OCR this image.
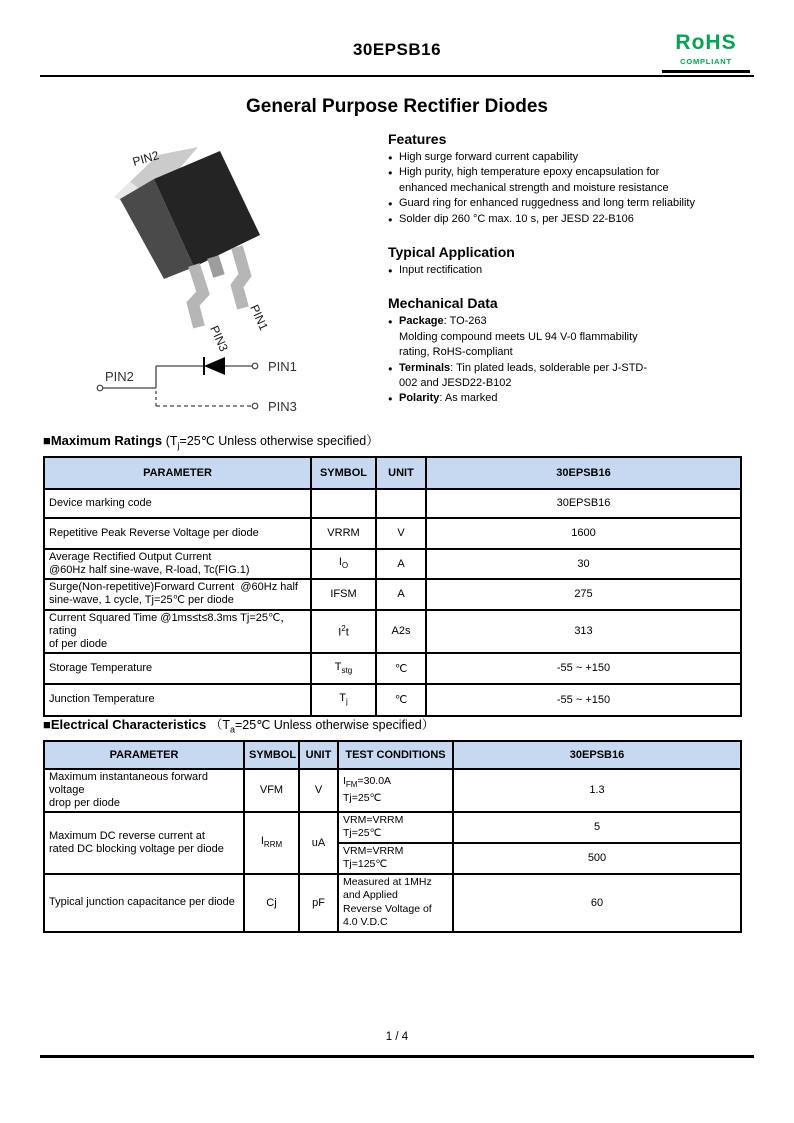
30EPSB16	RoHS
COMPLIANT
General Purpose Rectifier Diodes
PIN2
PIN3
PIN1
PIN2
PIN1
PIN3
Features
● High surge forward current capability
● High purity, high temperature epoxy encapsulation for
enhanced mechanical strength and moisture resistance
● Guard ring for enhanced ruggedness and long term reliability
● Solder dip 260 °C max. 10 s, per JESD 22-B106
Typical Application
● Input rectification
Mechanical Data
● Package: TO-263
Molding compound meets UL 94 V-0 flammability
rating, RoHS-compliant
● Terminals: Tin plated leads, solderable per J-STD-
002 and JESD22-B102
● Polarity: As marked
■Maximum Ratings ($T_j=25℃$ Unless otherwise specified）
PARAMETER	SYMBOL	UNIT	30EPSB16
Device marking code			30EPSB16
Repetitive Peak Reverse Voltage per diode	VRRM	V	1600
Average Rectified Output Current
@60Hz half sine-wave, R-load, Tc(FIG.1)	$I_O$	A	30
Surge(Non-repetitive)Forward Current  @60Hz half
sine-wave, 1 cycle, Tj=25℃ per diode	IFSM	A	275
Current Squared Time @1ms≤t≤8.3ms Tj=25℃，rating
of per diode	$I^2t$	A2s	313
Storage Temperature	$T_{stg}$	℃	-55 ~ +150
Junction Temperature	$T_j$	℃	-55 ~ +150
■Electrical Characteristics （$T_a=25℃$ Unless otherwise specified）
PARAMETER	SYMBOL	UNIT	TEST CONDITIONS	30EPSB16
Maximum instantaneous forward voltage
drop per diode	VFM	V	$I_{FM}=30.0A$
Tj=25℃	1.3
Maximum DC reverse current at
rated DC blocking voltage per diode	$I_{RRM}$	uA	VRM=VRRM
Tj=25℃	5
			VRM=VRRM
Tj=125℃	500
Typical junction capacitance per diode	Cj	pF	Measured at 1MHz
and Applied
Reverse Voltage of
4.0 V.D.C	60
1 / 4
